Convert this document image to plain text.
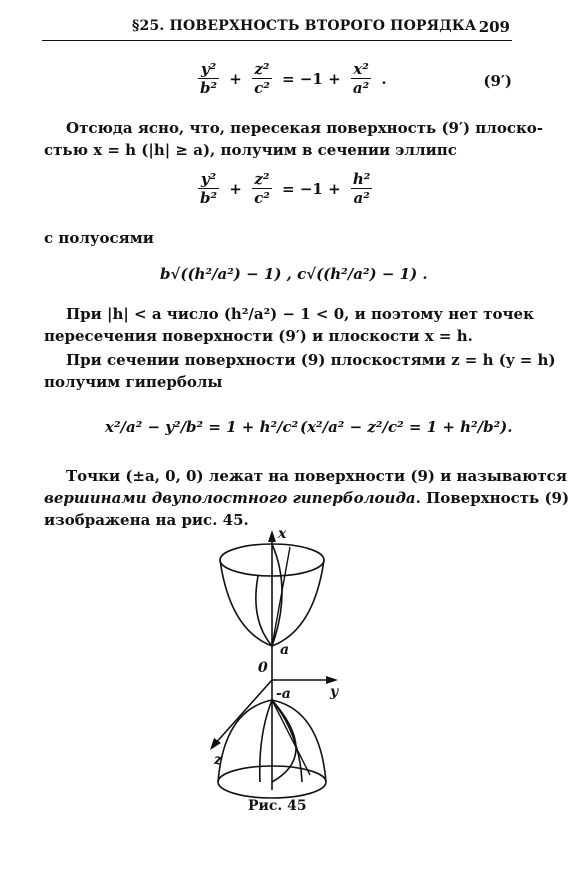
§25. ПОВЕРХНОСТЬ ВТОРОГО ПОРЯДКА 209
$\frac{\text{y²}}{\text{b²}} + \frac{\text{z²}}{\text{c²}} = -1 + \frac{\text{x²}}{\text{a²}}$ .	(9′)
Отсюда ясно, что, пересекая поверхность (9′) плоско-
стью x = h (|h| ≥ a), получим в сечении эллипс
$\frac{\text{y²}}{\text{b²}} + \frac{\text{z²}}{\text{c²}} = -1 + \frac{\text{h²}}{\text{a²}}$
с полуосями
b√((h²/a²) − 1) , c√((h²/a²) − 1) .
При |h| < a число (h²/a²) − 1 < 0, и поэтому нет точек
пересечения поверхности (9′) и плоскости x = h.
При сечении поверхности (9) плоскостями z = h (y = h)
получим гиперболы
x²/a² − y²/b² = 1 + h²/c² (x²/a² − z²/c² = 1 + h²/b²).
Точки (±a, 0, 0) лежат на поверхности (9) и называются
вершинами двуполостного гиперболоида. Поверхность (9)
изображена на рис. 45.
x
y
z
a
-a
0
Рис. 45
